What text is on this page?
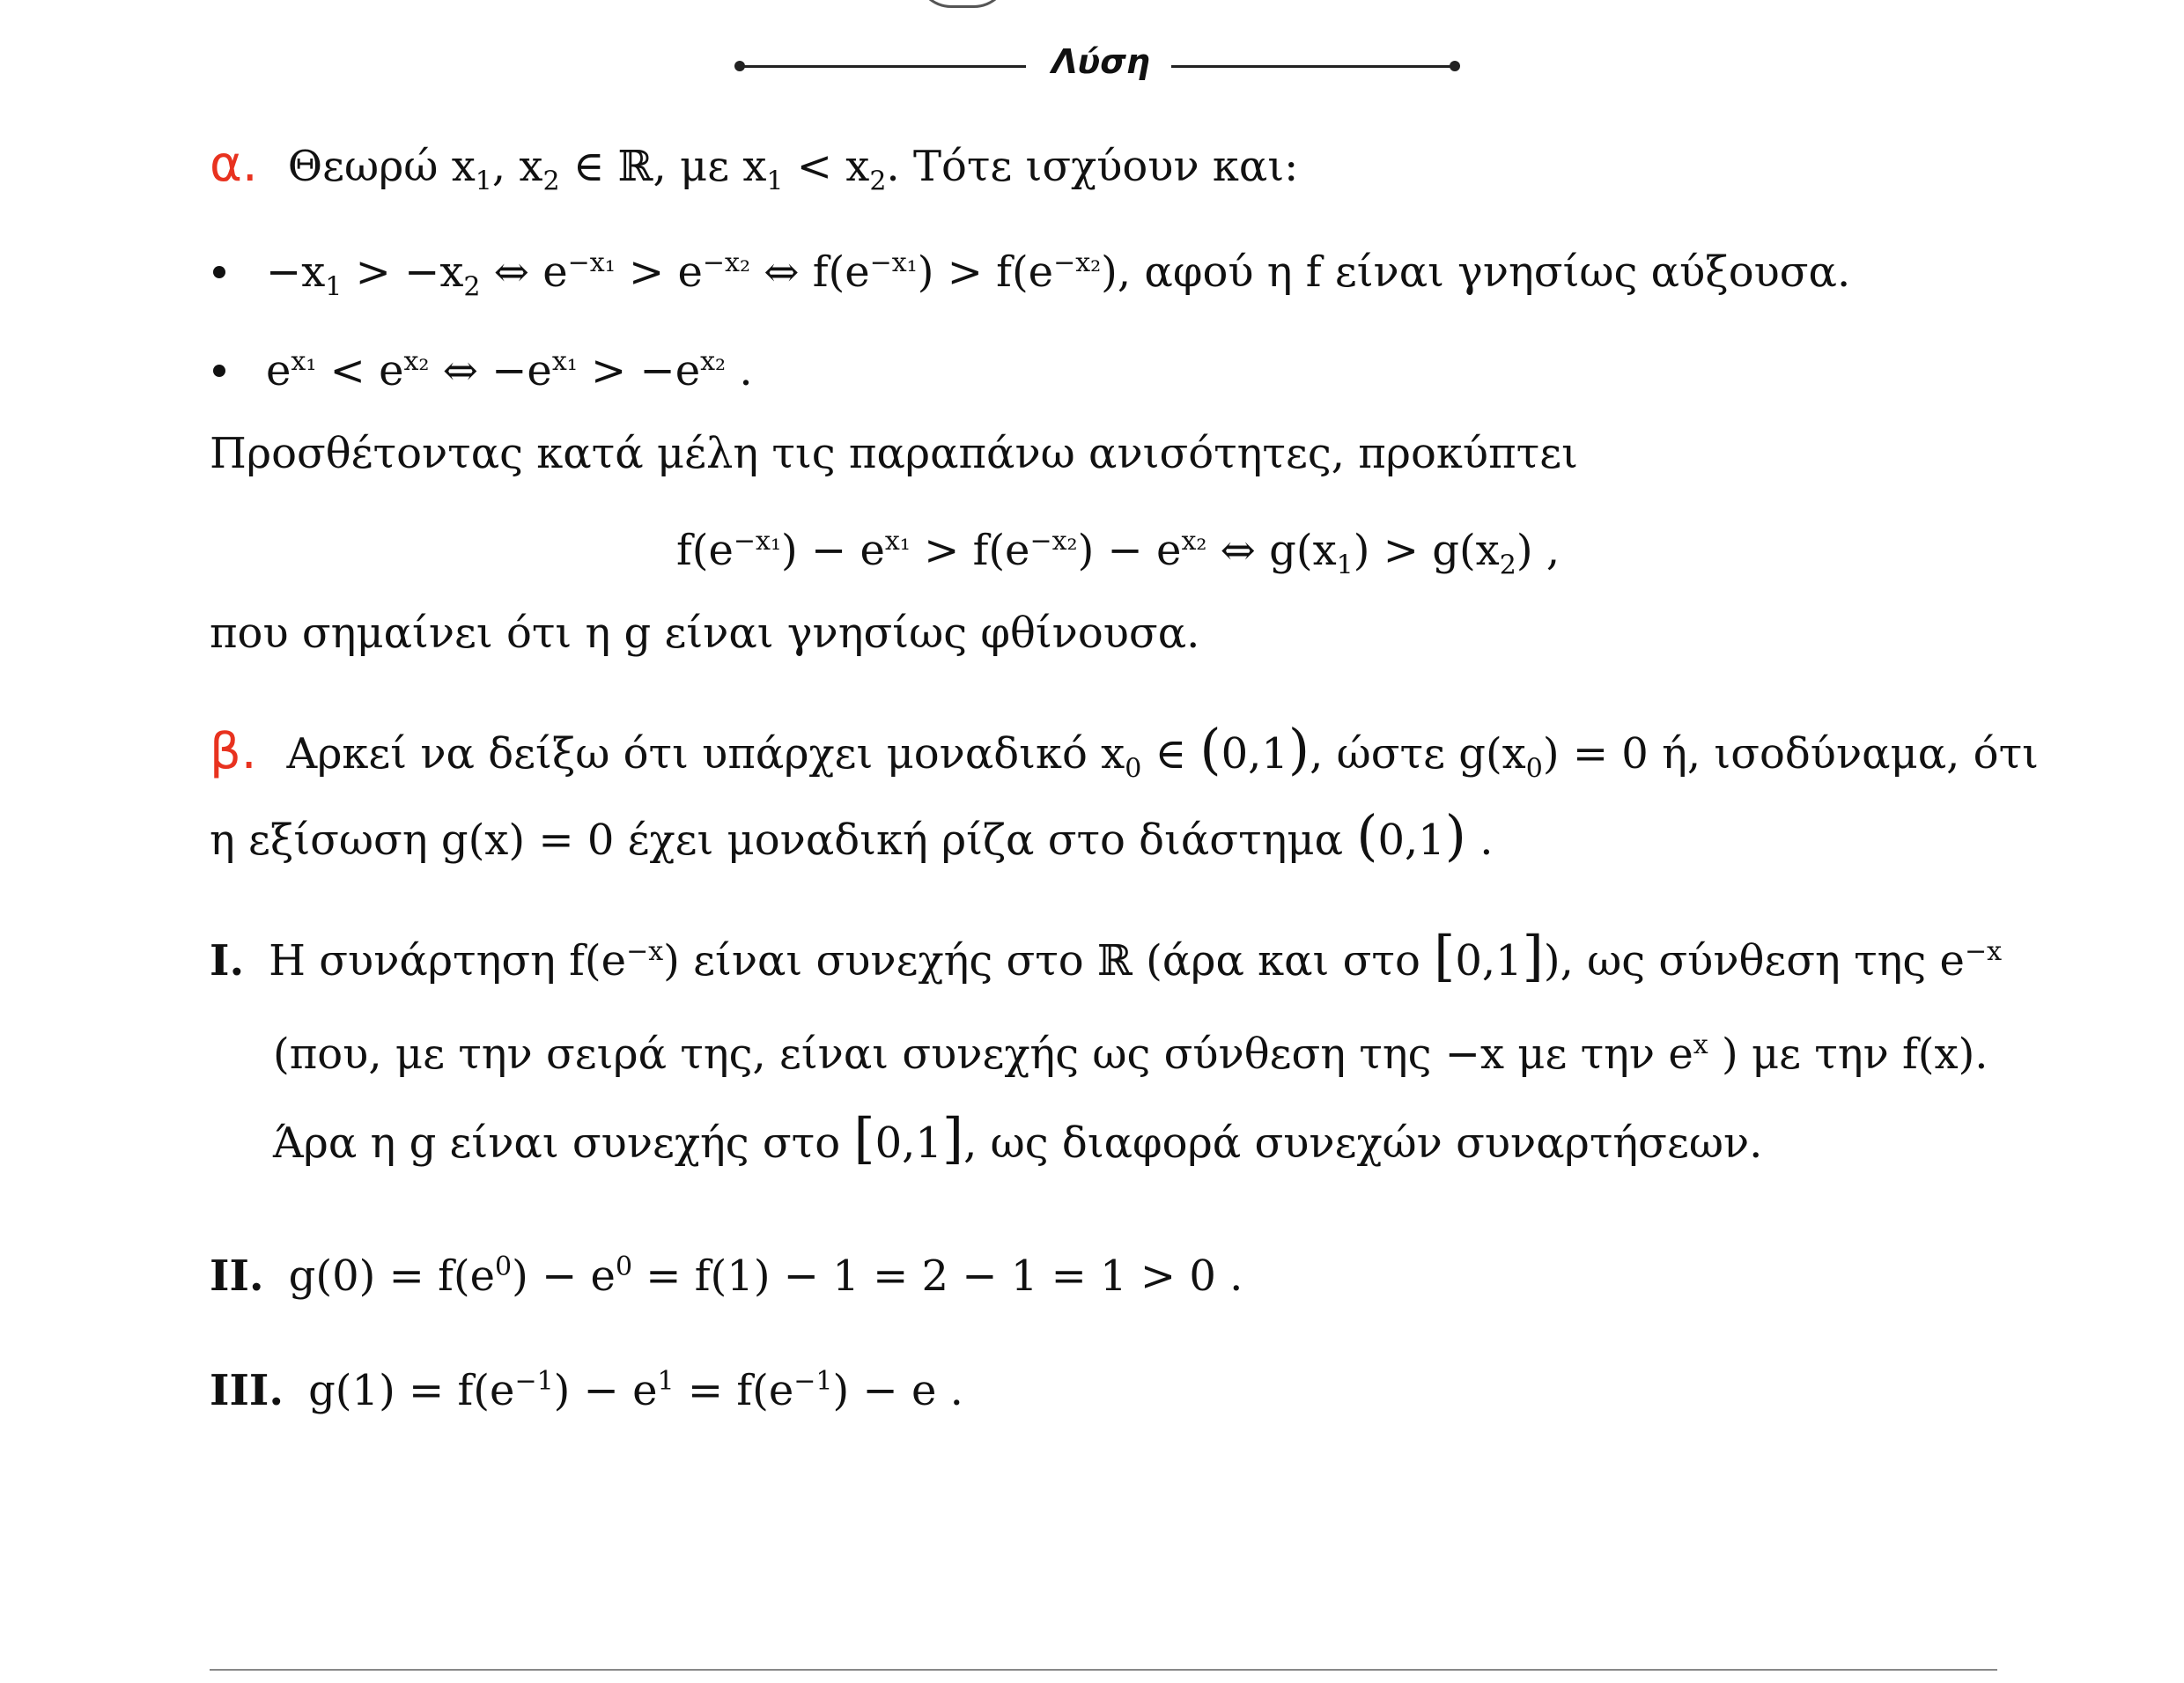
Λύση
α. Θεωρώ $x_1$, $x_2$ ∈ ℝ, με $x_1 < x_2$. Τότε ισχύουν και:
$-x_1 > -x_2$ ⇔ $e^{-x_1} > e^{-x_2}$ ⇔ $f(e^{-x_1}) > f(e^{-x_2})$, αφού η f είναι γνησίως αύξουσα.
$e^{x_1} < e^{x_2}$ ⇔ $-e^{x_1} > -e^{x_2}$ .
Προσθέτοντας κατά μέλη τις παραπάνω ανισότητες, προκύπτει
$f(e^{-x_1}) - e^{x_1} > f(e^{-x_2}) - e^{x_2}$ ⇔ $g(x_1) > g(x_2)$ ,
που σημαίνει ότι η g είναι γνησίως φθίνουσα.
β. Αρκεί να δείξω ότι υπάρχει μοναδικό $x_0$ ∈ (0,1), ώστε $g(x_0) = 0$ ή, ισοδύναμα, ότι
η εξίσωση g(x) = 0 έχει μοναδική ρίζα στο διάστημα (0,1) .
I. Η συνάρτηση $f(e^{-x})$ είναι συνεχής στο ℝ (άρα και στο [0,1]), ως σύνθεση της $e^{-x}$
(που, με την σειρά της, είναι συνεχής ως σύνθεση της −x με την $e^x$ ) με την f(x).
Άρα η g είναι συνεχής στο [0,1], ως διαφορά συνεχών συναρτήσεων.
II. $g(0) = f(e^0) - e^0 = f(1) - 1 = 2 - 1 = 1 > 0$ .
III. $g(1) = f(e^{-1}) - e^1 = f(e^{-1}) - e$ .
